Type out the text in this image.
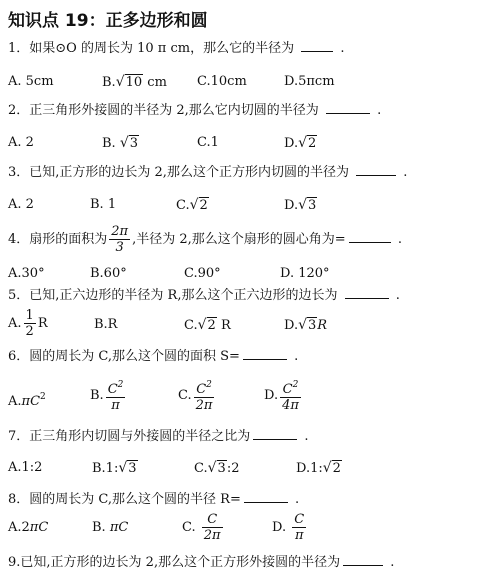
知识点 19：正多边形和圆
1．如果⊙O 的周长为 10 π cm，那么它的半径为	.
A. 5cm	B.√10 cm C.10cm	D.5πcm
2．正三角形外接圆的半径为 2,那么它内切圆的半径为	.
A. 2	B. √3	C.1	D.√2
3．已知,正方形的边长为 2,那么这个正方形内切圆的半径为	.
A. 2	B. 1	C.√2	D.√3
4．扇形的面积为 $\frac{2\pi}{3}$ ,半径为 2,那么这个扇形的圆心角为=	.
A.30°	B.60°	C.90°	D. 120°
5．已知,正六边形的半径为 R,那么这个正六边形的边长为	.
A. $\frac{1}{2}$ R	B.R	C.√2 R	D.√3R
6．圆的周长为 C,那么这个圆的面积 S=	.
$A.\pi C^2$	B. $\frac{C^2}{\pi}$	C. $\frac{C^2}{2\pi}$	D. $\frac{C^2}{4\pi}$
7．正三角形内切圆与外接圆的半径之比为	.
A.1:2	B.1:√3	C.√3:2	D.1:√2
8．圆的周长为 C,那么这个圆的半径 R=	.
A.2πC	B. πC	C. $\frac{C}{2\pi}$	D. $\frac{C}{\pi}$
9.已知,正方形的边长为 2,那么这个正方形外接圆的半径为	.
